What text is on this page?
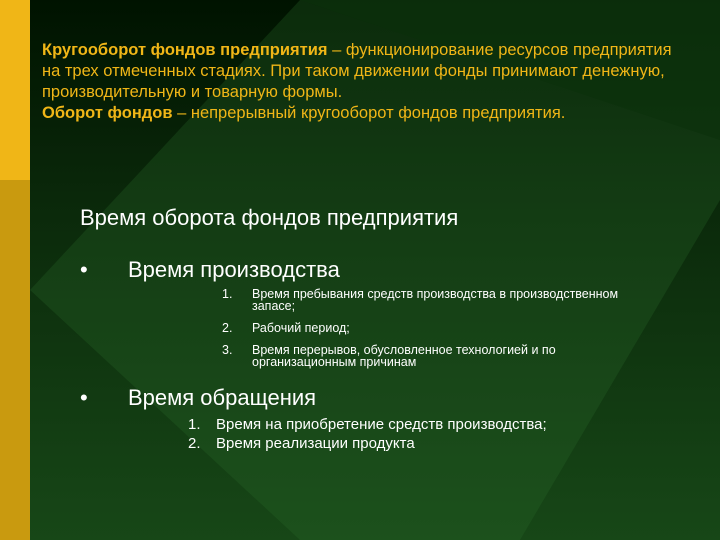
Кругооборот фондов предприятия – функционирование ресурсов предприятия на трех отмеченных стадиях. При таком движении фонды принимают денежную, производительную и товарную формы.
Оборот фондов – непрерывный кругооборот фондов предприятия.
Время оборота фондов предприятия
•	Время производства
1.	Время пребывания средств производства в производственном запасе;
2.	Рабочий период;
3.	Время перерывов, обусловленное технологией и по организационным причинам
•	Время обращения
1.	Время на приобретение средств производства;
2.	Время реализации продукта
